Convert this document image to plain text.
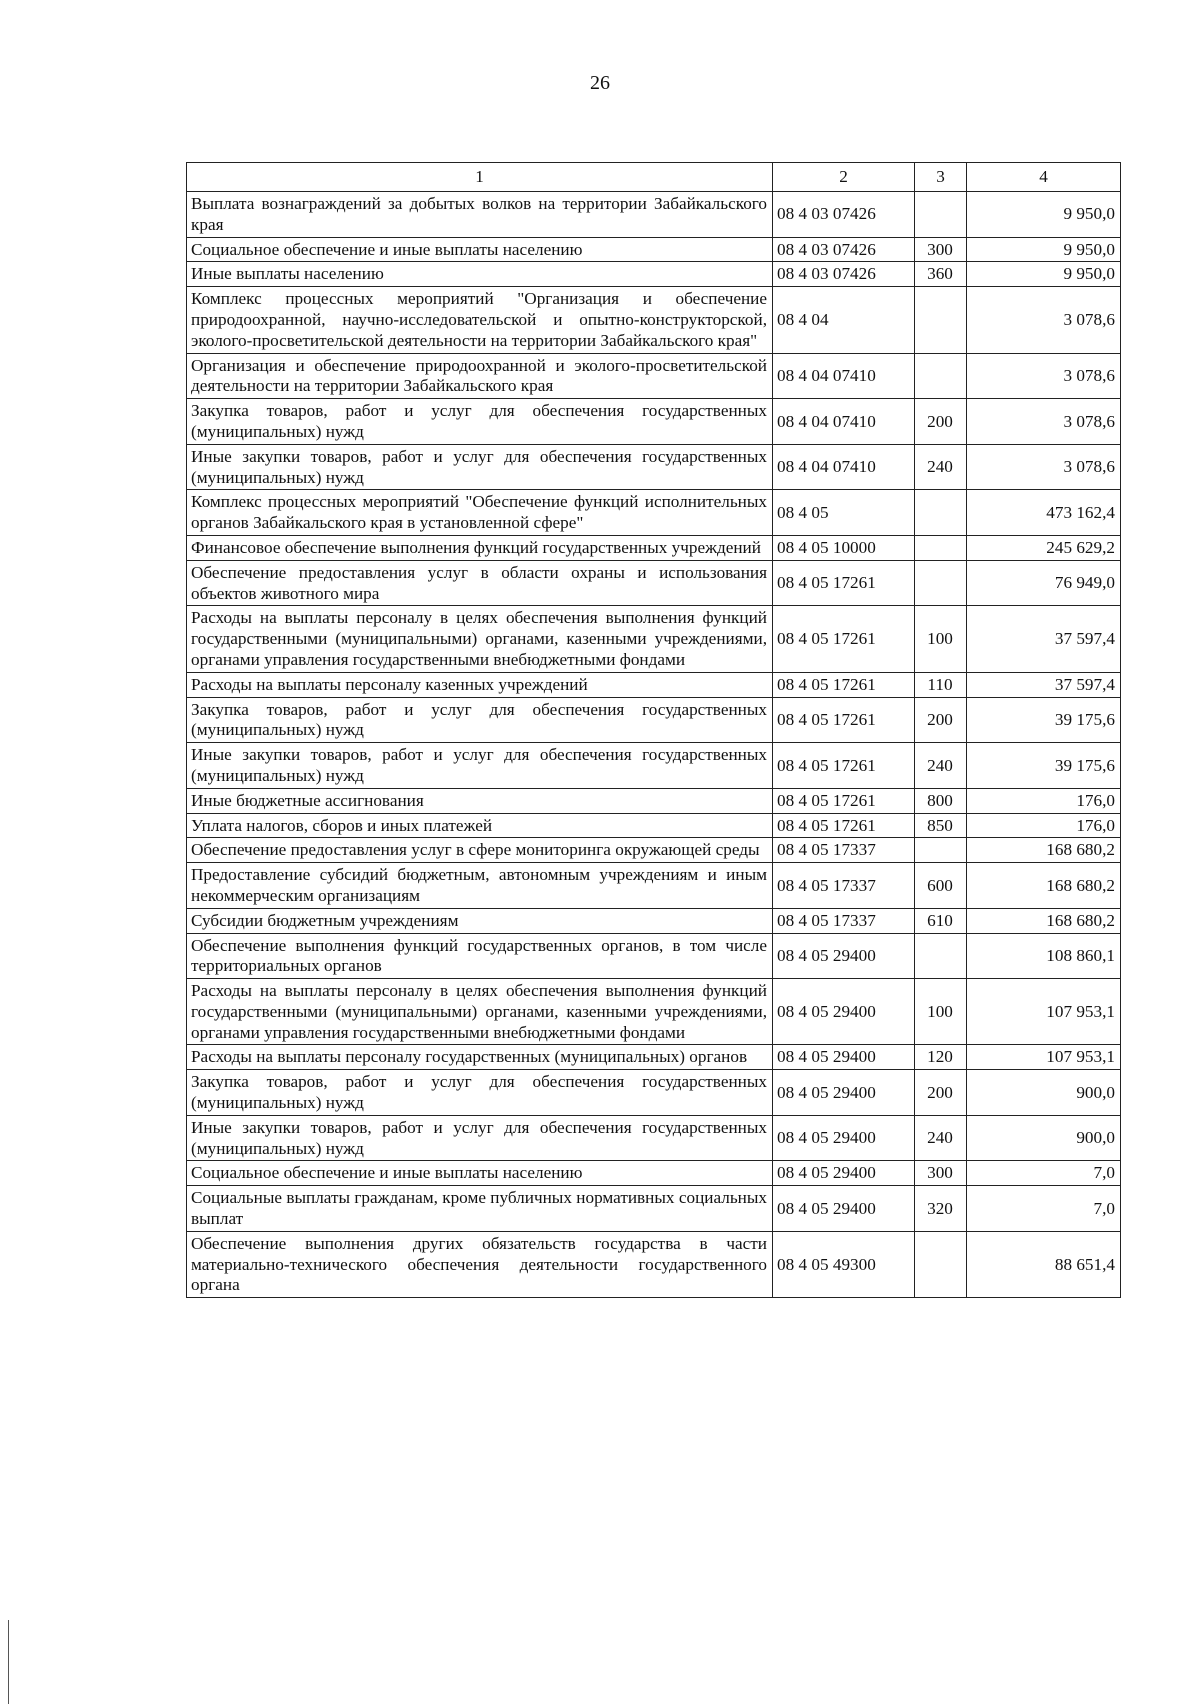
26
1	2	3	4
Выплата вознаграждений за добытых волков на территории Забайкальского края	08 4 03 07426		9 950,0
Социальное обеспечение и иные выплаты населению	08 4 03 07426	300	9 950,0
Иные выплаты населению	08 4 03 07426	360	9 950,0
Комплекс процессных мероприятий "Организация и обеспечение природоохранной, научно-исследовательской и опытно-конструкторской, эколого-просветительской деятельности на территории Забайкальского края"	08 4 04		3 078,6
Организация и обеспечение природоохранной и эколого-просветительской деятельности на территории Забайкальского края	08 4 04 07410		3 078,6
Закупка товаров, работ и услуг для обеспечения государственных (муниципальных) нужд	08 4 04 07410	200	3 078,6
Иные закупки товаров, работ и услуг для обеспечения государственных (муниципальных) нужд	08 4 04 07410	240	3 078,6
Комплекс процессных мероприятий "Обеспечение функций исполнительных органов Забайкальского края в установленной сфере"	08 4 05		473 162,4
Финансовое обеспечение выполнения функций государственных учреждений	08 4 05 10000		245 629,2
Обеспечение предоставления услуг в области охраны и использования объектов животного мира	08 4 05 17261		76 949,0
Расходы на выплаты персоналу в целях обеспечения выполнения функций государственными (муниципальными) органами, казенными учреждениями, органами управления государственными внебюджетными фондами	08 4 05 17261	100	37 597,4
Расходы на выплаты персоналу казенных учреждений	08 4 05 17261	110	37 597,4
Закупка товаров, работ и услуг для обеспечения государственных (муниципальных) нужд	08 4 05 17261	200	39 175,6
Иные закупки товаров, работ и услуг для обеспечения государственных (муниципальных) нужд	08 4 05 17261	240	39 175,6
Иные бюджетные ассигнования	08 4 05 17261	800	176,0
Уплата налогов, сборов и иных платежей	08 4 05 17261	850	176,0
Обеспечение предоставления услуг в сфере мониторинга окружающей среды	08 4 05 17337		168 680,2
Предоставление субсидий бюджетным, автономным учреждениям и иным некоммерческим организациям	08 4 05 17337	600	168 680,2
Субсидии бюджетным учреждениям	08 4 05 17337	610	168 680,2
Обеспечение выполнения функций государственных органов, в том числе территориальных органов	08 4 05 29400		108 860,1
Расходы на выплаты персоналу в целях обеспечения выполнения функций государственными (муниципальными) органами, казенными учреждениями, органами управления государственными внебюджетными фондами	08 4 05 29400	100	107 953,1
Расходы на выплаты персоналу государственных (муниципальных) органов	08 4 05 29400	120	107 953,1
Закупка товаров, работ и услуг для обеспечения государственных (муниципальных) нужд	08 4 05 29400	200	900,0
Иные закупки товаров, работ и услуг для обеспечения государственных (муниципальных) нужд	08 4 05 29400	240	900,0
Социальное обеспечение и иные выплаты населению	08 4 05 29400	300	7,0
Социальные выплаты гражданам, кроме публичных нормативных социальных выплат	08 4 05 29400	320	7,0
Обеспечение выполнения других обязательств государства в части материально-технического обеспечения деятельности государственного органа	08 4 05 49300		88 651,4
